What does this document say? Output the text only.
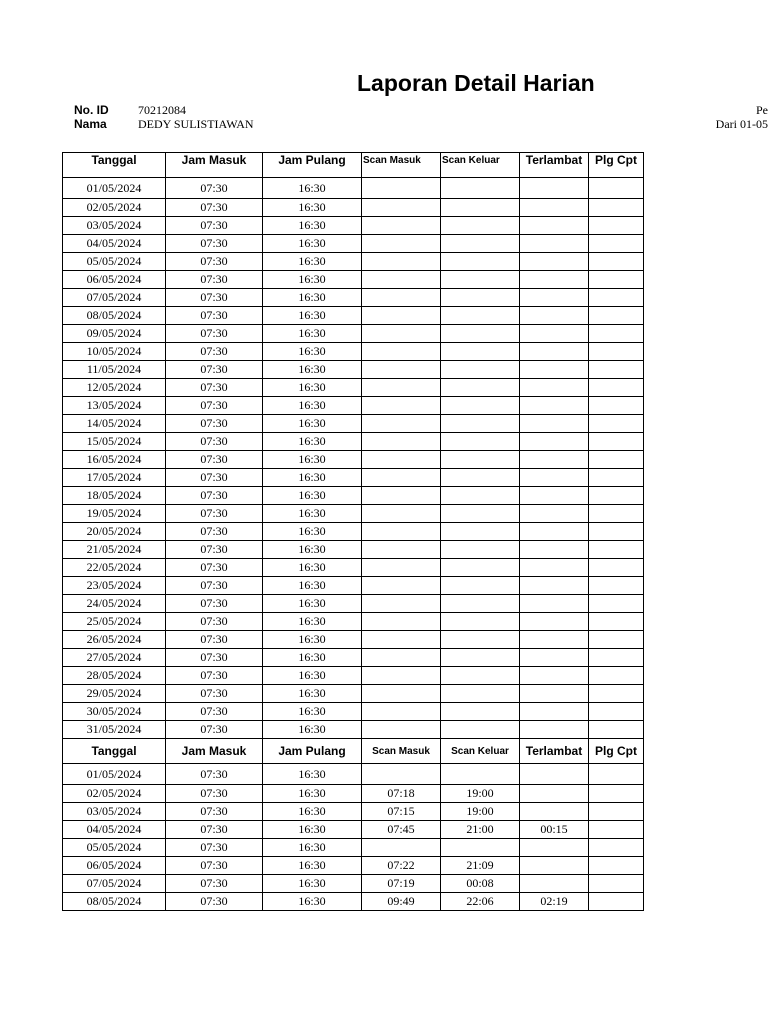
Laporan Detail Harian
No. ID 70212084
Nama	DEDY SULISTIAWAN
Pe
Dari 01-05
Tanggal	Jam Masuk	Jam Pulang	Scan Masuk	Scan Keluar	Terlambat	Plg Cpt
01/05/2024	07:30	16:30				
02/05/2024	07:30	16:30				
03/05/2024	07:30	16:30				
04/05/2024	07:30	16:30				
05/05/2024	07:30	16:30				
06/05/2024	07:30	16:30				
07/05/2024	07:30	16:30				
08/05/2024	07:30	16:30				
09/05/2024	07:30	16:30				
10/05/2024	07:30	16:30				
11/05/2024	07:30	16:30				
12/05/2024	07:30	16:30				
13/05/2024	07:30	16:30				
14/05/2024	07:30	16:30				
15/05/2024	07:30	16:30				
16/05/2024	07:30	16:30				
17/05/2024	07:30	16:30				
18/05/2024	07:30	16:30				
19/05/2024	07:30	16:30				
20/05/2024	07:30	16:30				
21/05/2024	07:30	16:30				
22/05/2024	07:30	16:30				
23/05/2024	07:30	16:30				
24/05/2024	07:30	16:30				
25/05/2024	07:30	16:30				
26/05/2024	07:30	16:30				
27/05/2024	07:30	16:30				
28/05/2024	07:30	16:30				
29/05/2024	07:30	16:30				
30/05/2024	07:30	16:30				
31/05/2024	07:30	16:30				
Tanggal	Jam Masuk	Jam Pulang	Scan Masuk	Scan Keluar	Terlambat	Plg Cpt
01/05/2024	07:30	16:30				
02/05/2024	07:30	16:30	07:18	19:00		
03/05/2024	07:30	16:30	07:15	19:00		
04/05/2024	07:30	16:30	07:45	21:00	00:15	
05/05/2024	07:30	16:30				
06/05/2024	07:30	16:30	07:22	21:09		
07/05/2024	07:30	16:30	07:19	00:08		
08/05/2024	07:30	16:30	09:49	22:06	02:19	
